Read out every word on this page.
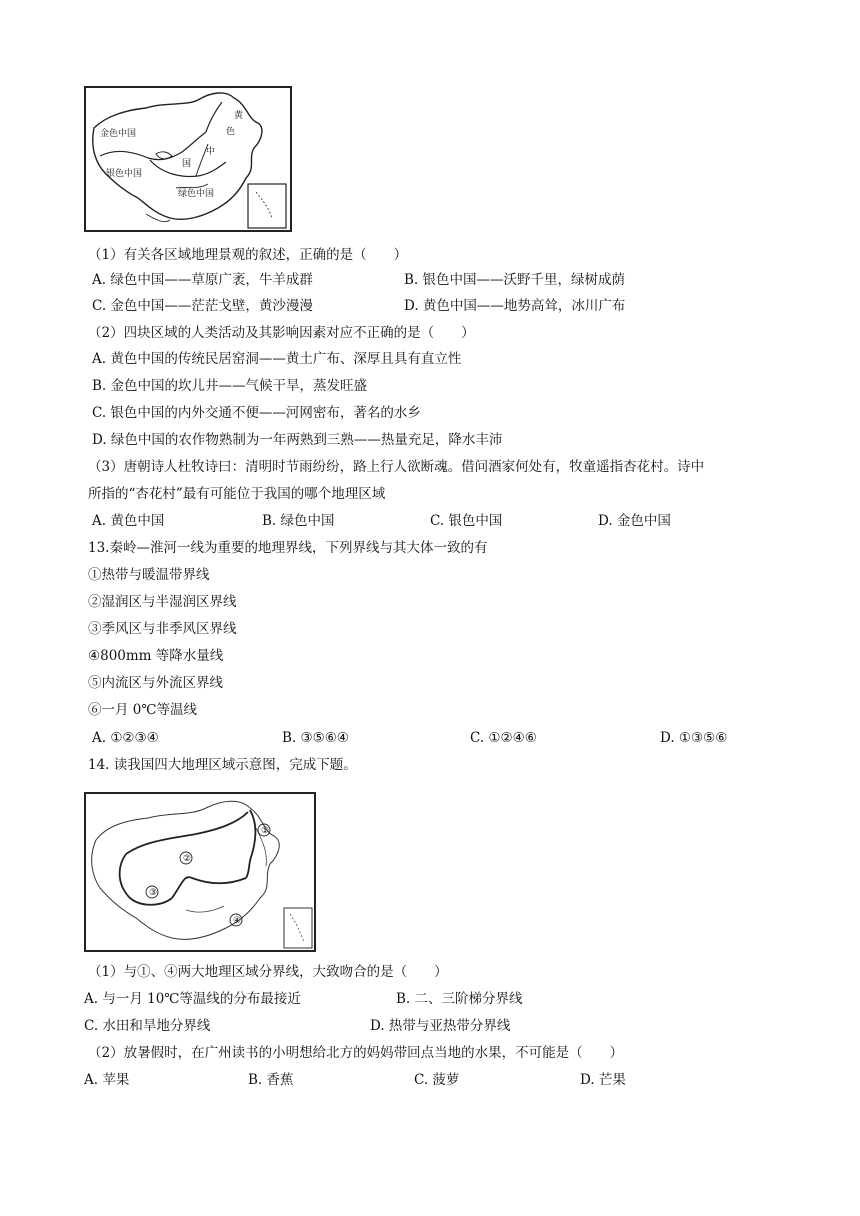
金色中国
银色中国
绿色中国
黄
色
中
国
（1）有关各区域地理景观的叙述，正确的是（　　）
A. 绿色中国——草原广袤，牛羊成群	B. 银色中国——沃野千里，绿树成荫
C. 金色中国——茫茫戈壁，黄沙漫漫	D. 黄色中国——地势高耸，冰川广布
（2）四块区域的人类活动及其影响因素对应不正确的是（　　）
A. 黄色中国的传统民居窑洞——黄土广布、深厚且具有直立性
B. 金色中国的坎儿井——气候干旱，蒸发旺盛
C. 银色中国的内外交通不便——河网密布，著名的水乡
D. 绿色中国的农作物熟制为一年两熟到三熟——热量充足，降水丰沛
（3）唐朝诗人杜牧诗曰：清明时节雨纷纷，路上行人欲断魂。借问酒家何处有，牧童遥指杏花村。诗中
所指的“杏花村”最有可能位于我国的哪个地理区域
A. 黄色中国	B. 绿色中国	C. 银色中国	D. 金色中国
13.秦岭—淮河一线为重要的地理界线，下列界线与其大体一致的有
①热带与暖温带界线
②湿润区与半湿润区界线
③季风区与非季风区界线
④800mm 等降水量线
⑤内流区与外流区界线
⑥一月 0℃等温线
A. ①②③④	B. ③⑤⑥④	C. ①②④⑥	D. ①③⑤⑥
14. 读我国四大地理区域示意图，完成下题。
①
②
③
④
（1）与①、④两大地理区域分界线，大致吻合的是（　　）
A. 与一月 10℃等温线的分布最接近	B. 二、三阶梯分界线
C. 水田和旱地分界线	D. 热带与亚热带分界线
（2）放暑假时，在广州读书的小明想给北方的妈妈带回点当地的水果，不可能是（　　）
A. 苹果	B. 香蕉	C. 菠萝	D. 芒果
